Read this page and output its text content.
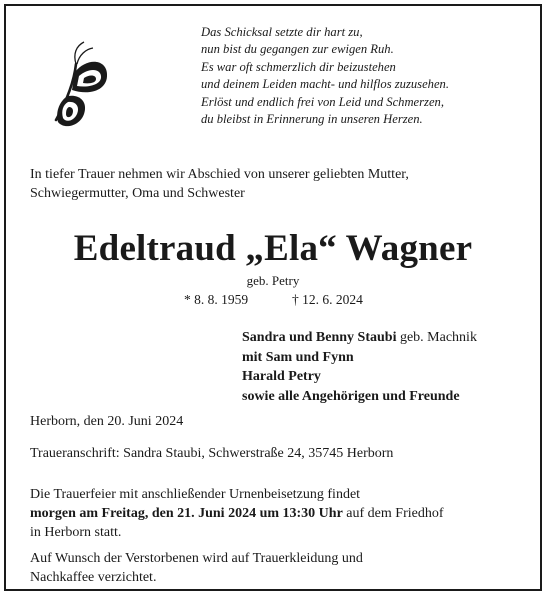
Das Schicksal setzte dir hart zu,
nun bist du gegangen zur ewigen Ruh.
Es war oft schmerzlich dir beizustehen
und deinem Leiden macht- und hilflos zuzusehen.
Erlöst und endlich frei von Leid und Schmerzen,
du bleibst in Erinnerung in unseren Herzen.
In tiefer Trauer nehmen wir Abschied von unserer geliebten Mutter,
Schwiegermutter, Oma und Schwester
Edeltraud „Ela“ Wagner
geb. Petry
* 8. 8. 1959	† 12. 6. 2024
Sandra und Benny Staubi geb. Machnik
mit Sam und Fynn
Harald Petry
sowie alle Angehörigen und Freunde
Herborn, den 20. Juni 2024
Traueranschrift: Sandra Staubi, Schwerstraße 24, 35745 Herborn
Die Trauerfeier mit anschließender Urnenbeisetzung findet
morgen am Freitag, den 21. Juni 2024 um 13:30 Uhr auf dem Friedhof
in Herborn statt.
Auf Wunsch der Verstorbenen wird auf Trauerkleidung und
Nachkaffee verzichtet.
